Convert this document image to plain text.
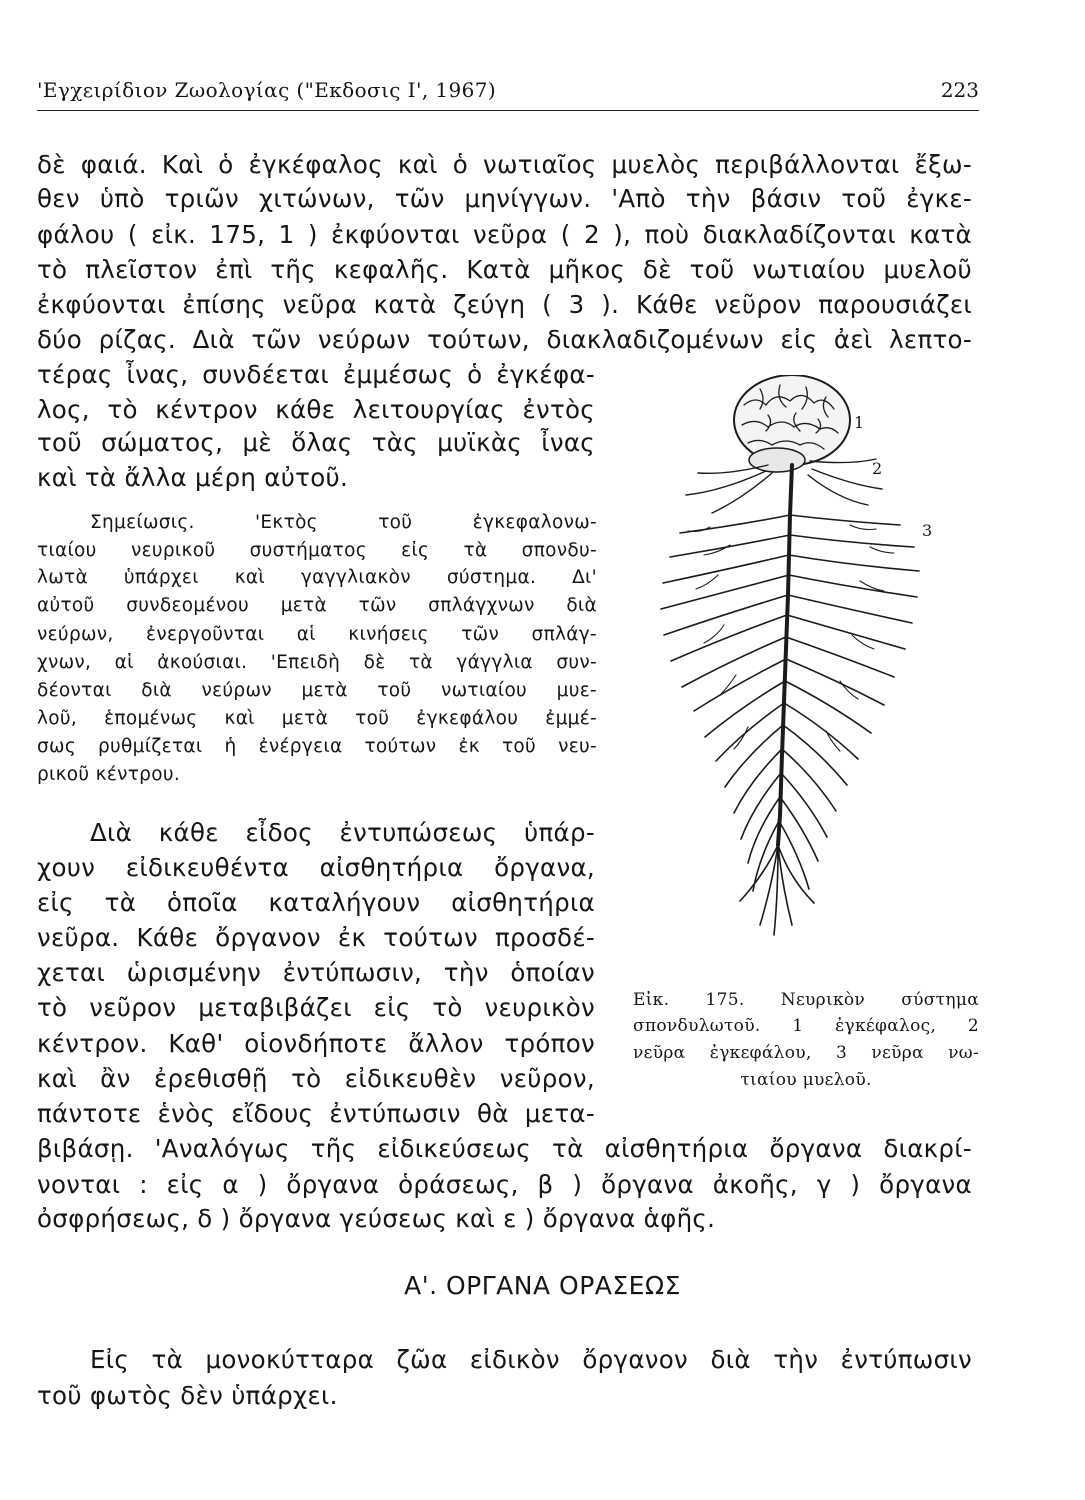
'Εγχειρίδιον Ζωολογίας ("Εκδοσις Ι', 1967)	223
δὲ φαιά. Καὶ ὁ ἐγκέφαλος καὶ ὁ νωτιαῖος μυελὸς περιβάλλονται ἔξω-
θεν ὑπὸ τριῶν χιτώνων, τῶν μηνίγγων. 'Απὸ τὴν βάσιν τοῦ ἐγκε-
φάλου ( εἰκ. 175, 1 ) ἐκφύονται νεῦρα ( 2 ), ποὺ διακλαδίζονται κατὰ
τὸ πλεῖστον ἐπὶ τῆς κεφαλῆς. Κατὰ μῆκος δὲ τοῦ νωτιαίου μυελοῦ
ἐκφύονται ἐπίσης νεῦρα κατὰ ζεύγη ( 3 ). Κάθε νεῦρον παρουσιάζει
δύο ρίζας. Διὰ τῶν νεύρων τούτων, διακλαδιζομένων εἰς ἀεὶ λεπτο-
τέρας ἶνας, συνδέεται ἐμμέσως ὁ ἐγκέφα-
λος, τὸ κέντρον κάθε λειτουργίας ἐντὸς
τοῦ σώματος, μὲ ὅλας τὰς μυϊκὰς ἶνας
καὶ τὰ ἄλλα μέρη αὐτοῦ.
Σημείωσις. 'Εκτὸς τοῦ ἐγκεφαλονω-
τιαίου νευρικοῦ συστήματος εἰς τὰ σπονδυ-
λωτὰ ὑπάρχει καὶ γαγγλιακὸν σύστημα. Δι'
αὐτοῦ συνδεομένου μετὰ τῶν σπλάγχνων διὰ
νεύρων, ἐνεργοῦνται αἱ κινήσεις τῶν σπλάγ-
χνων, αἱ ἀκούσιαι. 'Επειδὴ δὲ τὰ γάγγλια συν-
δέονται διὰ νεύρων μετὰ τοῦ νωτιαίου μυε-
λοῦ, ἑπομένως καὶ μετὰ τοῦ ἐγκεφάλου ἐμμέ-
σως ρυθμίζεται ἡ ἐνέργεια τούτων ἐκ τοῦ νευ-
ρικοῦ κέντρου.
Διὰ κάθε εἶδος ἐντυπώσεως ὑπάρ-
χουν εἰδικευθέντα αἰσθητήρια ὄργανα,
εἰς τὰ ὁποῖα καταλήγουν αἰσθητήρια
νεῦρα. Κάθε ὄργανον ἐκ τούτων προσδέ-
χεται ὡρισμένην ἐντύπωσιν, τὴν ὁποίαν
τὸ νεῦρον μεταβιβάζει εἰς τὸ νευρικὸν
κέντρον. Καθ' οἱονδήποτε ἄλλον τρόπον
καὶ ἂν ἐρεθισθῇ τὸ εἰδικευθὲν νεῦρον,
πάντοτε ἑνὸς εἴδους ἐντύπωσιν θὰ μετα-
βιβάσῃ. 'Αναλόγως τῆς εἰδικεύσεως τὰ αἰσθητήρια ὄργανα διακρί-
νονται : εἰς α ) ὄργανα ὁράσεως, β ) ὄργανα ἀκοῆς, γ ) ὄργανα
ὀσφρήσεως, δ ) ὄργανα γεύσεως καὶ ε ) ὄργανα ἁφῆς.
Α'. ΟΡΓΑΝΑ ΟΡΑΣΕΩΣ
Εἰς τὰ μονοκύτταρα ζῶα εἰδικὸν ὄργανον διὰ τὴν ἐντύπωσιν
τοῦ φωτὸς δὲν ὑπάρχει.
1
2
3
Εἰκ. 175. Νευρικὸν σύστημα
σπονδυλωτοῦ. 1 ἐγκέφαλος, 2
νεῦρα ἐγκεφάλου, 3 νεῦρα νω-
τιαίου μυελοῦ.
